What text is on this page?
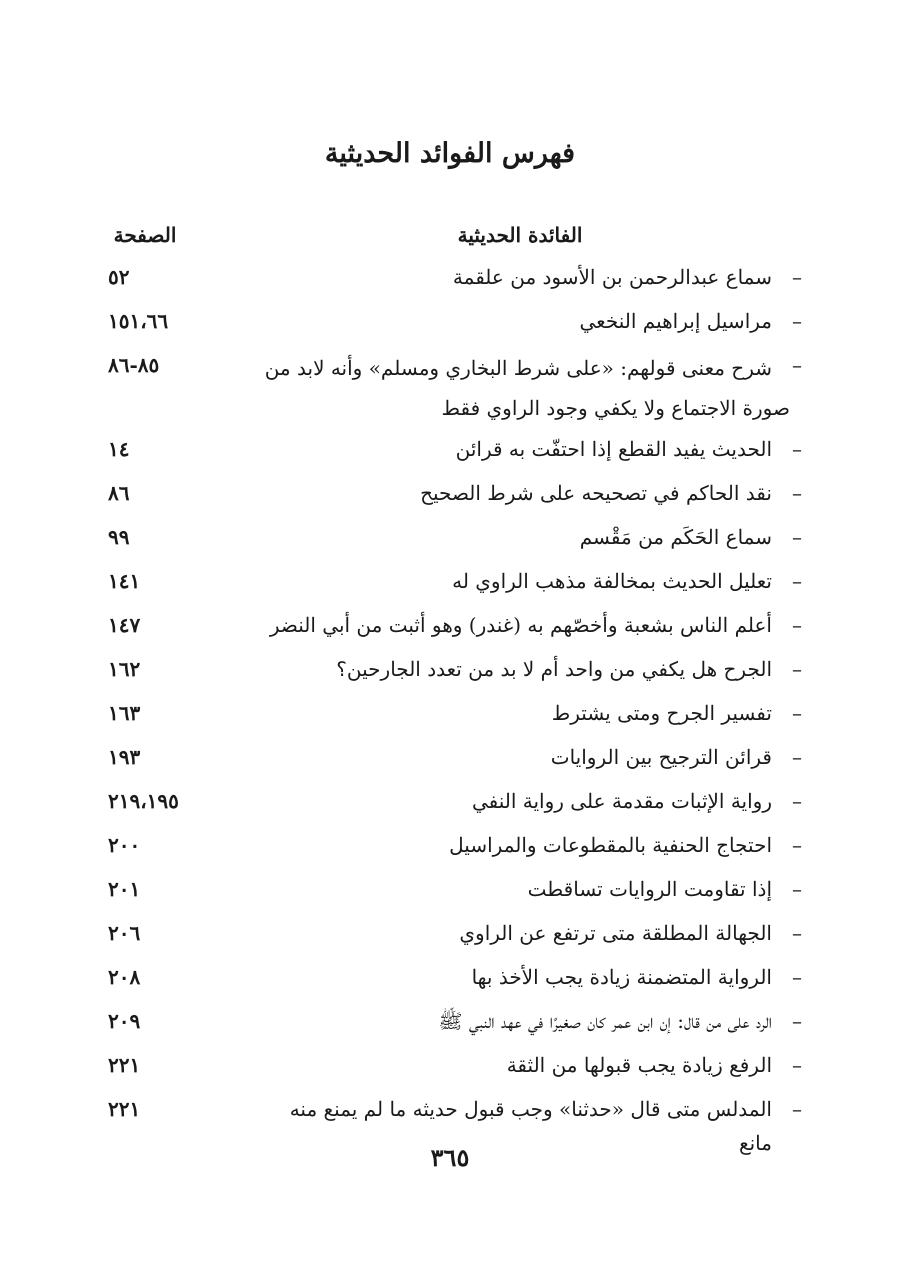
فهرس الفوائد الحديثية
الفائدة الحديثية
الصفحة
–
سماع عبدالرحمن بن الأسود من علقمة
٥٢
–
مراسيل إبراهيم النخعي
١٥١،٦٦
–
شرح معنى قولهم: «على شرط البخاري ومسلم» وأنه لابد من صورة الاجتماع ولا يكفي وجود الراوي فقط
٨٥-٨٦
–
الحديث يفيد القطع إذا احتفّت به قرائن
١٤
–
نقد الحاكم في تصحيحه على شرط الصحيح
٨٦
–
سماع الحَكَم من مَقْسم
٩٩
–
تعليل الحديث بمخالفة مذهب الراوي له
١٤١
–
أعلم الناس بشعبة وأخصّهم به (غندر) وهو أثبت من أبي النضر
١٤٧
–
الجرح هل يكفي من واحد أم لا بد من تعدد الجارحين؟
١٦٢
–
تفسير الجرح ومتى يشترط
١٦٣
–
قرائن الترجيح بين الروايات
١٩٣
–
رواية الإثبات مقدمة على رواية النفي
٢١٩،١٩٥
–
احتجاج الحنفية بالمقطوعات والمراسيل
٢٠٠
–
إذا تقاومت الروايات تساقطت
٢٠١
–
الجهالة المطلقة متى ترتفع عن الراوي
٢٠٦
–
الرواية المتضمنة زيادة يجب الأخذ بها
٢٠٨
–
الرد على من قال: إن ابن عمر كان صغيرًا في عهد النبي ﷺ
٢٠٩
–
الرفع زيادة يجب قبولها من الثقة
٢٢١
–
المدلس متى قال «حدثنا» وجب قبول حديثه ما لم يمنع منه مانع
٢٢١
٣٦٥
